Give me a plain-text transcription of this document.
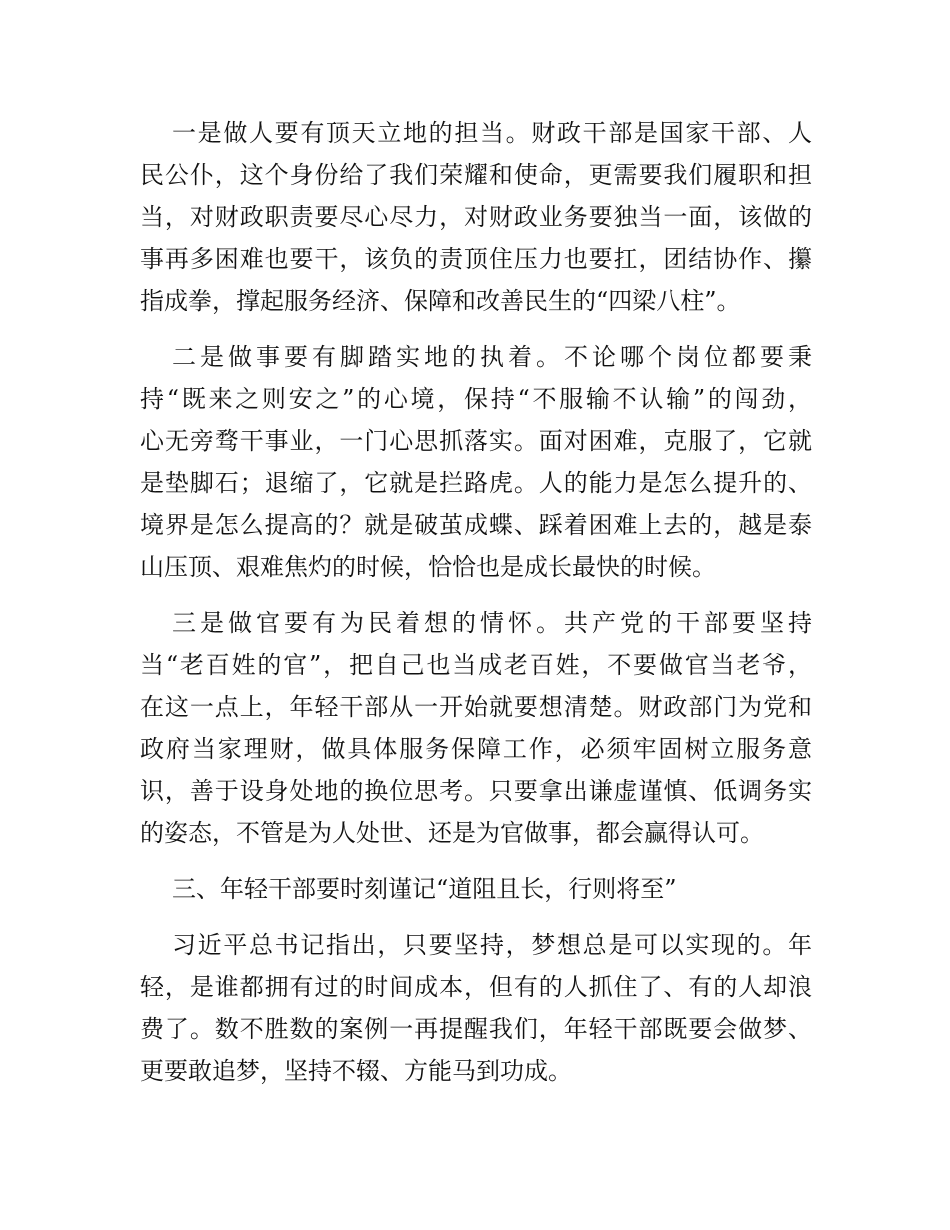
一是做人要有顶天立地的担当。财政干部是国家干部、人
民公仆，这个身份给了我们荣耀和使命，更需要我们履职和担
当，对财政职责要尽心尽力，对财政业务要独当一面，该做的
事再多困难也要干，该负的责顶住压力也要扛，团结协作、攥
指成拳，撑起服务经济、保障和改善民生的“四梁八柱”。
二是做事要有脚踏实地的执着。不论哪个岗位都要秉
持“既来之则安之”的心境，保持“不服输不认输”的闯劲，
心无旁骛干事业，一门心思抓落实。面对困难，克服了，它就
是垫脚石；退缩了，它就是拦路虎。人的能力是怎么提升的、
境界是怎么提高的？就是破茧成蝶、踩着困难上去的，越是泰
山压顶、艰难焦灼的时候，恰恰也是成长最快的时候。
三是做官要有为民着想的情怀。共产党的干部要坚持
当“老百姓的官”，把自己也当成老百姓，不要做官当老爷，
在这一点上，年轻干部从一开始就要想清楚。财政部门为党和
政府当家理财，做具体服务保障工作，必须牢固树立服务意
识，善于设身处地的换位思考。只要拿出谦虚谨慎、低调务实
的姿态，不管是为人处世、还是为官做事，都会赢得认可。
三、年轻干部要时刻谨记“道阻且长，行则将至”
习近平总书记指出，只要坚持，梦想总是可以实现的。年
轻，是谁都拥有过的时间成本，但有的人抓住了、有的人却浪
费了。数不胜数的案例一再提醒我们，年轻干部既要会做梦、
更要敢追梦，坚持不辍、方能马到功成。
